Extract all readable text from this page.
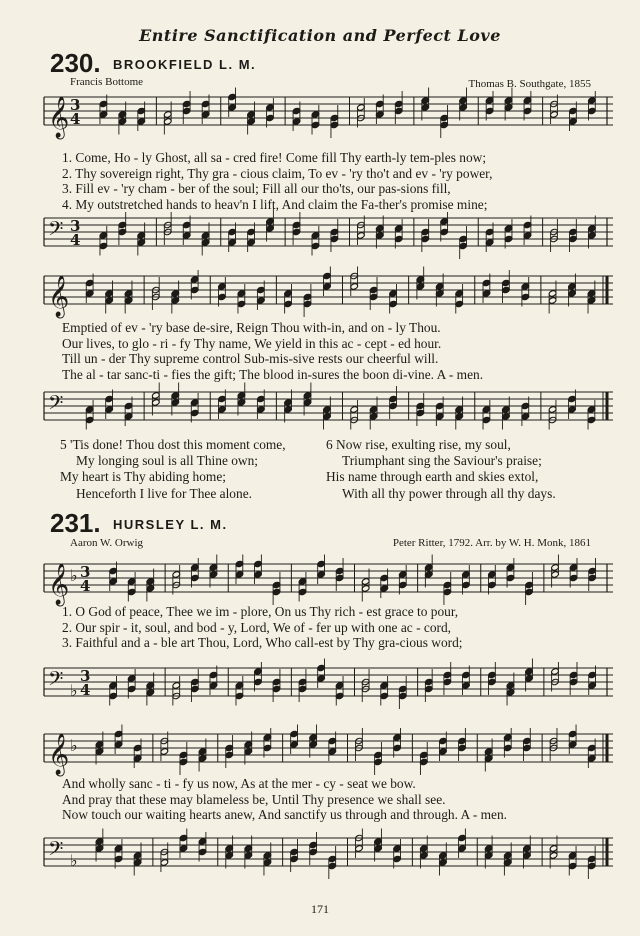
Entire Sanctification and Perfect Love
230. BROOKFIELD L. M.
Francis Bottome	Thomas B. Southgate, 1855
𝄞 3
4
1. Come, Ho - ly Ghost, all sa - cred fire! Come fill Thy earth-ly tem-ples now;
2. Thy sovereign right, Thy gra - cious claim, To ev - 'ry tho't and ev - 'ry power,
3. Fill ev - 'ry cham - ber of the soul; Fill all our tho'ts, our pas-sions fill,
4. My outstretched hands to heav'n I lift, And claim the Fa-ther's promise mine;
𝄢 3
4
𝄞
Emptied of ev - 'ry base de-sire, Reign Thou with-in, and on - ly Thou.
Our lives, to glo - ri - fy Thy name, We yield in this ac - cept - ed hour.
Till un - der Thy supreme control Sub-mis-sive rests our cheerful will.
The al - tar sanc-ti - fies the gift; The blood in-sures the boon di-vine. A - men.
𝄢
5 'Tis done! Thou dost this moment come,
My longing soul is all Thine own;
My heart is Thy abiding home;
Henceforth I live for Thee alone.
6 Now rise, exulting rise, my soul,
Triumphant sing the Saviour's praise;
His name through earth and skies extol,
With all thy power through all thy days.
231. HURSLEY L. M.
Aaron W. Orwig	Peter Ritter, 1792. Arr. by W. H. Monk, 1861
𝄞 ♭ 3
4
1. O God of peace, Thee we im - plore, On us Thy rich - est grace to pour,
2. Our spir - it, soul, and bod - y, Lord, We of - fer up with one ac - cord,
3. Faithful and a - ble art Thou, Lord, Who call-est by Thy gra-cious word;
𝄢 ♭
3
4
𝄞 ♭
And wholly sanc - ti - fy us now, As at the mer - cy - seat we bow.
And pray that these may blameless be, Until Thy presence we shall see.
Now touch our waiting hearts anew, And sanctify us through and through. A - men.
𝄢 ♭
171
